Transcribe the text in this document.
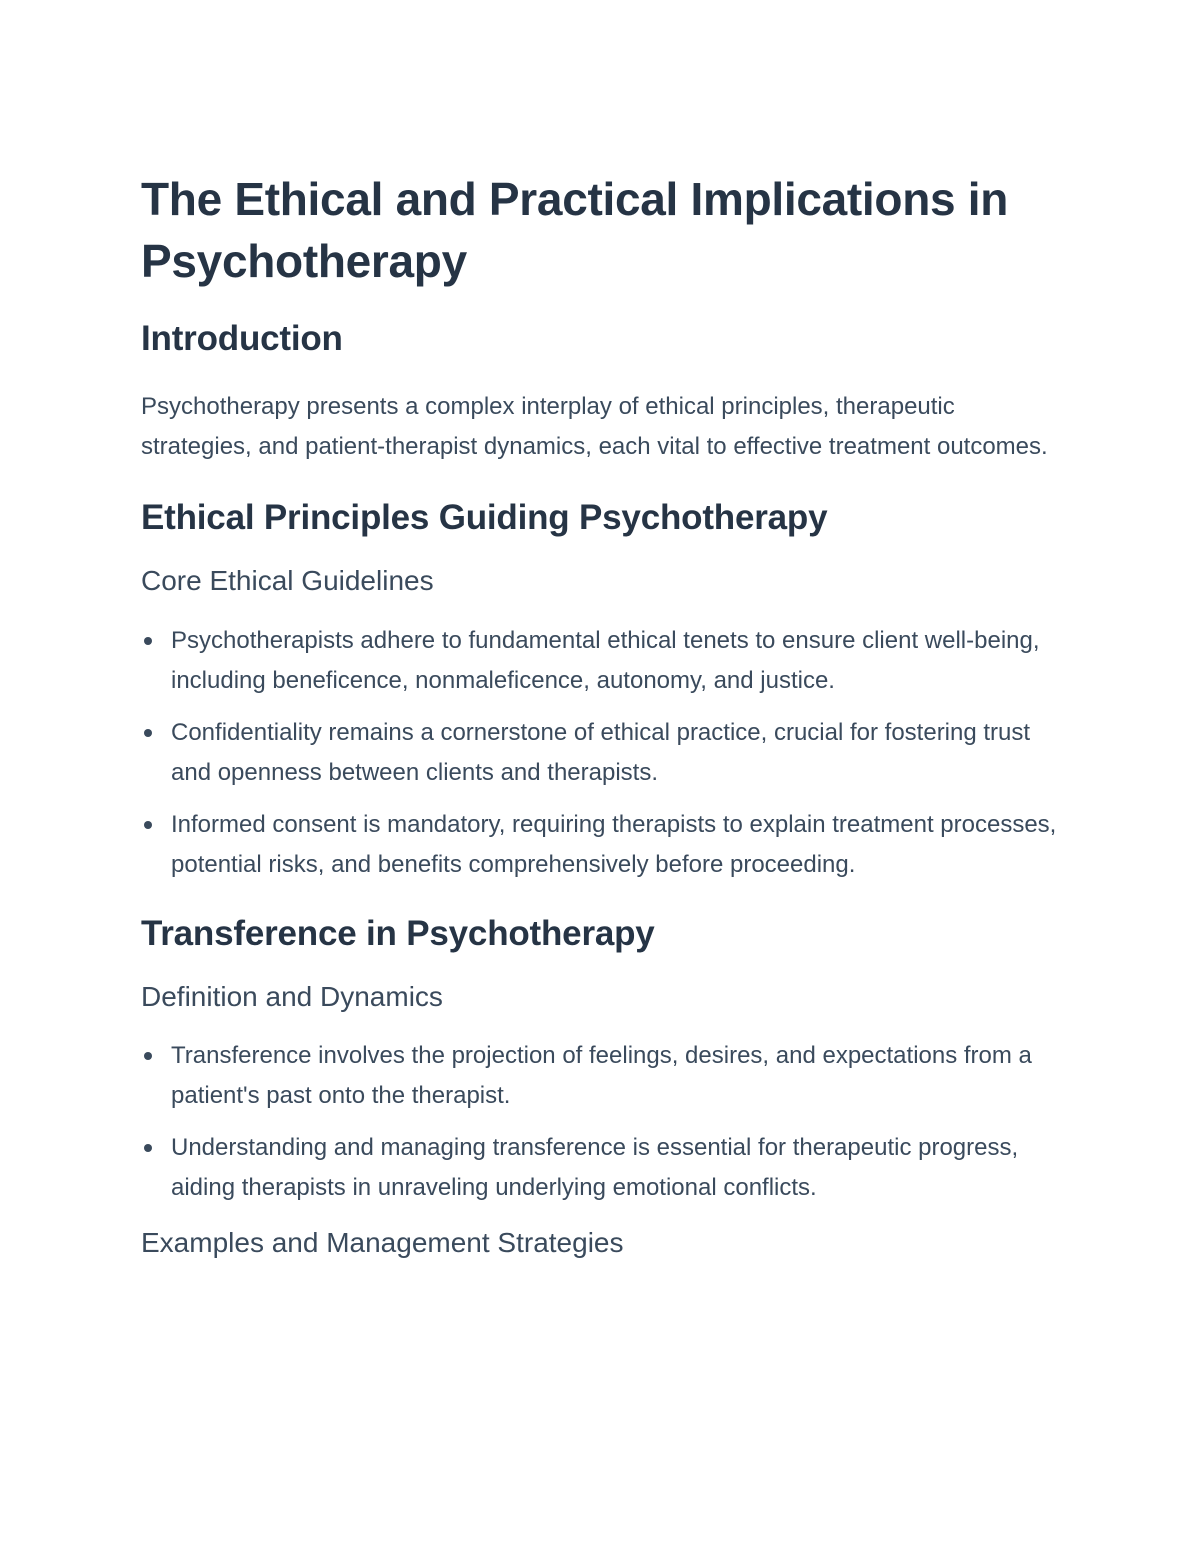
The Ethical and Practical Implications in Psychotherapy
Introduction

Psychotherapy presents a complex interplay of ethical principles, therapeutic strategies, and patient-therapist dynamics, each vital to effective treatment outcomes.

Ethical Principles Guiding Psychotherapy
Core Ethical Guidelines
Psychotherapists adhere to fundamental ethical tenets to ensure client well-being, including beneficence, nonmaleficence, autonomy, and justice.
Confidentiality remains a cornerstone of ethical practice, crucial for fostering trust and openness between clients and therapists.
Informed consent is mandatory, requiring therapists to explain treatment processes, potential risks, and benefits comprehensively before proceeding.
Transference in Psychotherapy
Definition and Dynamics
Transference involves the projection of feelings, desires, and expectations from a patient's past onto the therapist.
Understanding and managing transference is essential for therapeutic progress, aiding therapists in unraveling underlying emotional conflicts.
Examples and Management Strategies
